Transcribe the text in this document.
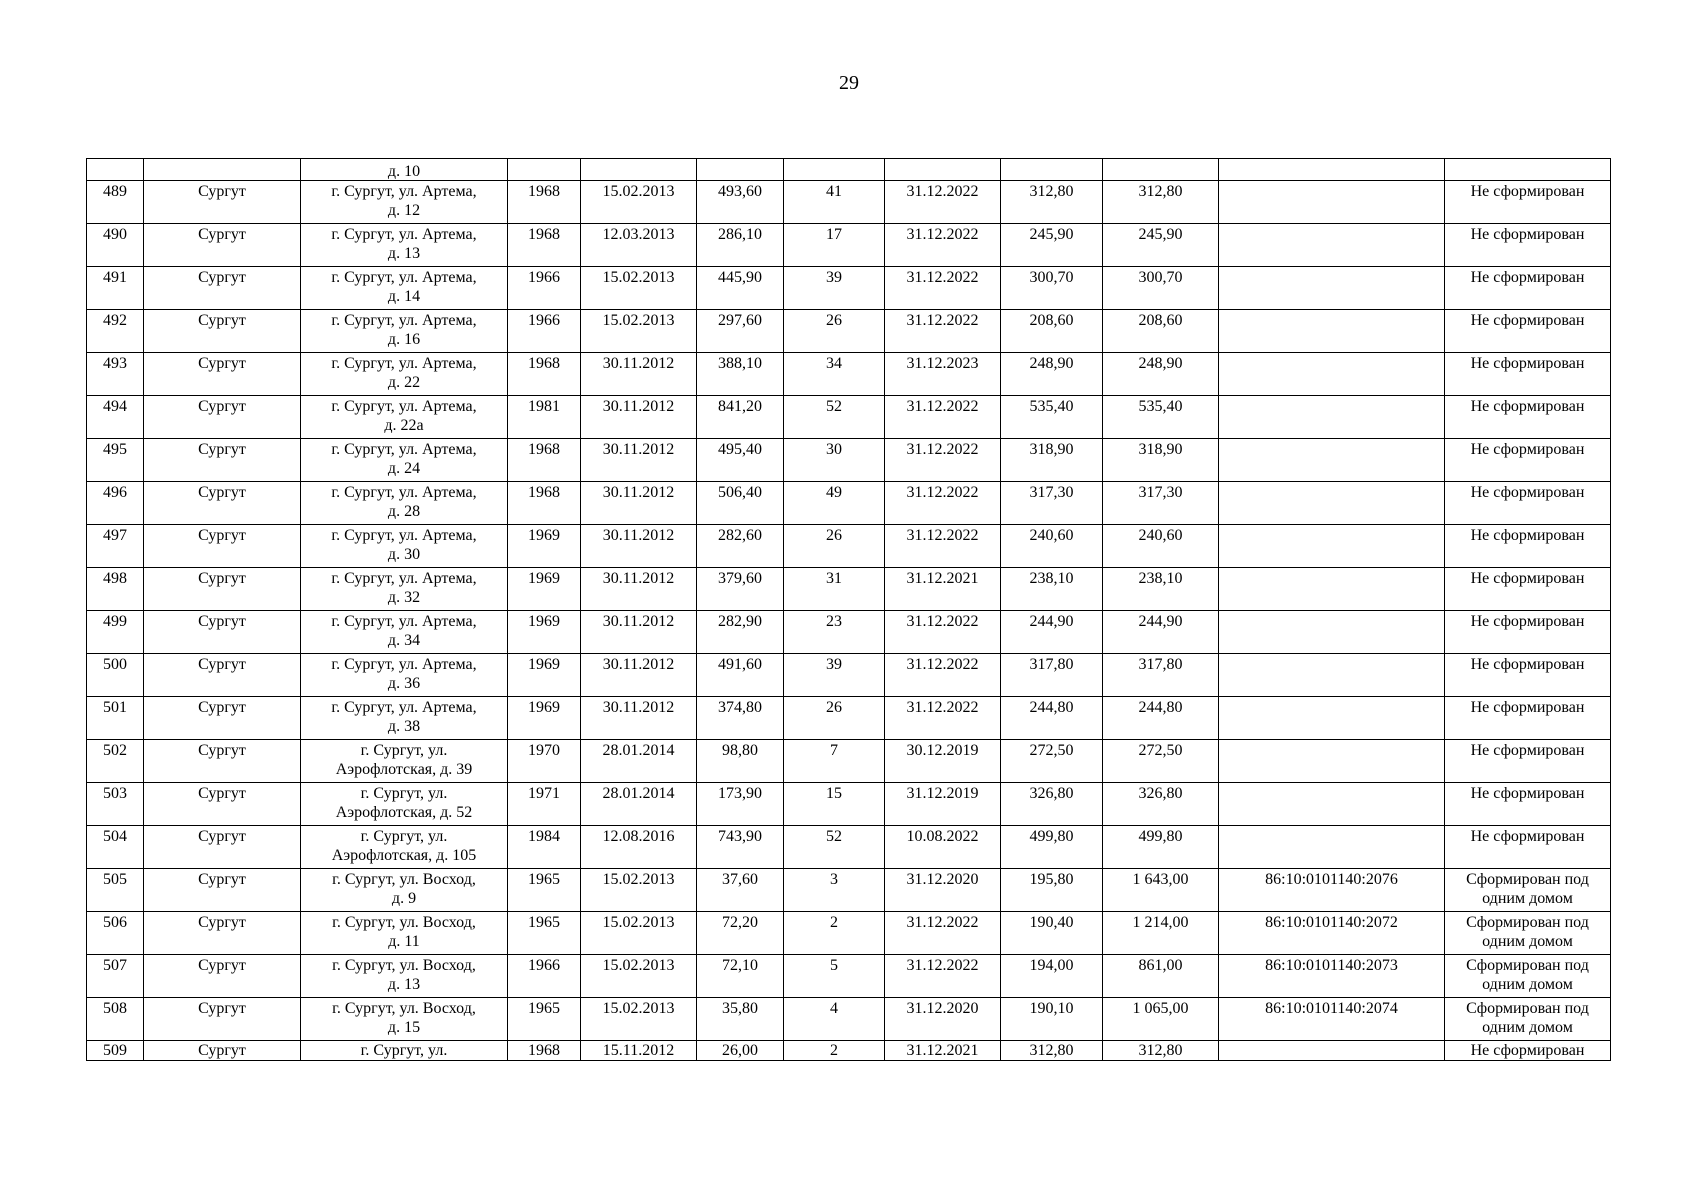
29
		д. 10									
489	Сургут	г. Сургут, ул. Артема,
д. 12	1968	15.02.2013	493,60	41	31.12.2022	312,80	312,80		Не сформирован

490	Сургут	г. Сургут, ул. Артема,
д. 13	1968	12.03.2013	286,10	17	31.12.2022	245,90	245,90		Не сформирован

491	Сургут	г. Сургут, ул. Артема,
д. 14	1966	15.02.2013	445,90	39	31.12.2022	300,70	300,70		Не сформирован

492	Сургут	г. Сургут, ул. Артема,
д. 16	1966	15.02.2013	297,60	26	31.12.2022	208,60	208,60		Не сформирован

493	Сургут	г. Сургут, ул. Артема,
д. 22	1968	30.11.2012	388,10	34	31.12.2023	248,90	248,90		Не сформирован

494	Сургут	г. Сургут, ул. Артема,
д. 22а	1981	30.11.2012	841,20	52	31.12.2022	535,40	535,40		Не сформирован

495	Сургут	г. Сургут, ул. Артема,
д. 24	1968	30.11.2012	495,40	30	31.12.2022	318,90	318,90		Не сформирован

496	Сургут	г. Сургут, ул. Артема,
д. 28	1968	30.11.2012	506,40	49	31.12.2022	317,30	317,30		Не сформирован

497	Сургут	г. Сургут, ул. Артема,
д. 30	1969	30.11.2012	282,60	26	31.12.2022	240,60	240,60		Не сформирован

498	Сургут	г. Сургут, ул. Артема,
д. 32	1969	30.11.2012	379,60	31	31.12.2021	238,10	238,10		Не сформирован

499	Сургут	г. Сургут, ул. Артема,
д. 34	1969	30.11.2012	282,90	23	31.12.2022	244,90	244,90		Не сформирован

500	Сургут	г. Сургут, ул. Артема,
д. 36	1969	30.11.2012	491,60	39	31.12.2022	317,80	317,80		Не сформирован

501	Сургут	г. Сургут, ул. Артема,
д. 38	1969	30.11.2012	374,80	26	31.12.2022	244,80	244,80		Не сформирован

502	Сургут	г. Сургут, ул.
Аэрофлотская, д. 39	1970	28.01.2014	98,80	7	30.12.2019	272,50	272,50		Не сформирован

503	Сургут	г. Сургут, ул.
Аэрофлотская, д. 52	1971	28.01.2014	173,90	15	31.12.2019	326,80	326,80		Не сформирован

504	Сургут	г. Сургут, ул.
Аэрофлотская, д. 105	1984	12.08.2016	743,90	52	10.08.2022	499,80	499,80		Не сформирован

505	Сургут	г. Сургут, ул. Восход,
д. 9	1965	15.02.2013	37,60	3	31.12.2020	195,80	1 643,00	86:10:0101140:2076	Сформирован под
одним домом

506	Сургут	г. Сургут, ул. Восход,
д. 11	1965	15.02.2013	72,20	2	31.12.2022	190,40	1 214,00	86:10:0101140:2072	Сформирован под
одним домом

507	Сургут	г. Сургут, ул. Восход,
д. 13	1966	15.02.2013	72,10	5	31.12.2022	194,00	861,00	86:10:0101140:2073	Сформирован под
одним домом

508	Сургут	г. Сургут, ул. Восход,
д. 15	1965	15.02.2013	35,80	4	31.12.2020	190,10	1 065,00	86:10:0101140:2074	Сформирован под
одним домом

509	Сургут	г. Сургут, ул.	1968	15.11.2012	26,00	2	31.12.2021	312,80	312,80		Не сформирован
